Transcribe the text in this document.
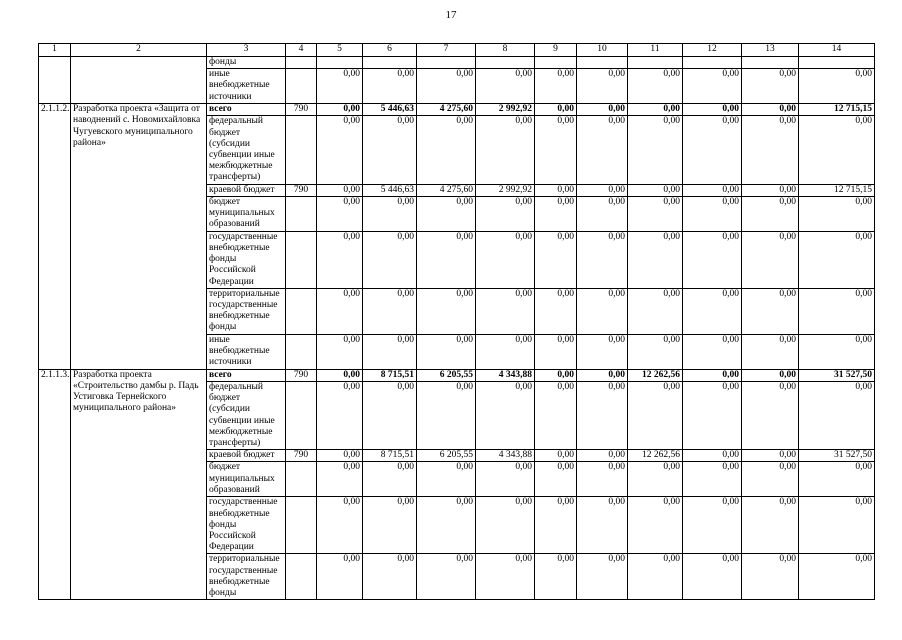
17
1	2	3	4	5	6	7	8	9	10	11	12	13	14
		фонды											
		иные внебюджетные источники		0,00	0,00	0,00	0,00	0,00	0,00	0,00	0,00	0,00	0,00
2.1.1.2.	Разработка проекта «Защита от наводнений с. Новомихайловка Чугуевского муниципального района»	всего	790	0,00	5 446,63	4 275,60	2 992,92	0,00	0,00	0,00	0,00	0,00	12 715,15
		федеральный бюджет (субсидии субвенции иные межбюджетные трансферты)		0,00	0,00	0,00	0,00	0,00	0,00	0,00	0,00	0,00	0,00
		краевой бюджет	790	0,00	5 446,63	4 275,60	2 992,92	0,00	0,00	0,00	0,00	0,00	12 715,15
		бюджет муниципальных образований		0,00	0,00	0,00	0,00	0,00	0,00	0,00	0,00	0,00	0,00
		государственные внебюджетные фонды Российской Федерации		0,00	0,00	0,00	0,00	0,00	0,00	0,00	0,00	0,00	0,00
		территориальные государственные внебюджетные фонды		0,00	0,00	0,00	0,00	0,00	0,00	0,00	0,00	0,00	0,00
		иные внебюджетные источники		0,00	0,00	0,00	0,00	0,00	0,00	0,00	0,00	0,00	0,00
2.1.1.3.	Разработка проекта «Строительство дамбы р. Падь Устиговка Тернейского муниципального района»	всего	790	0,00	8 715,51	6 205,55	4 343,88	0,00	0,00	12 262,56	0,00	0,00	31 527,50
		федеральный бюджет (субсидии субвенции иные межбюджетные трансферты)		0,00	0,00	0,00	0,00	0,00	0,00	0,00	0,00	0,00	0,00
		краевой бюджет	790	0,00	8 715,51	6 205,55	4 343,88	0,00	0,00	12 262,56	0,00	0,00	31 527,50
		бюджет муниципальных образований		0,00	0,00	0,00	0,00	0,00	0,00	0,00	0,00	0,00	0,00
		государственные внебюджетные фонды Российской Федерации		0,00	0,00	0,00	0,00	0,00	0,00	0,00	0,00	0,00	0,00
		территориальные государственные внебюджетные фонды		0,00	0,00	0,00	0,00	0,00	0,00	0,00	0,00	0,00	0,00
